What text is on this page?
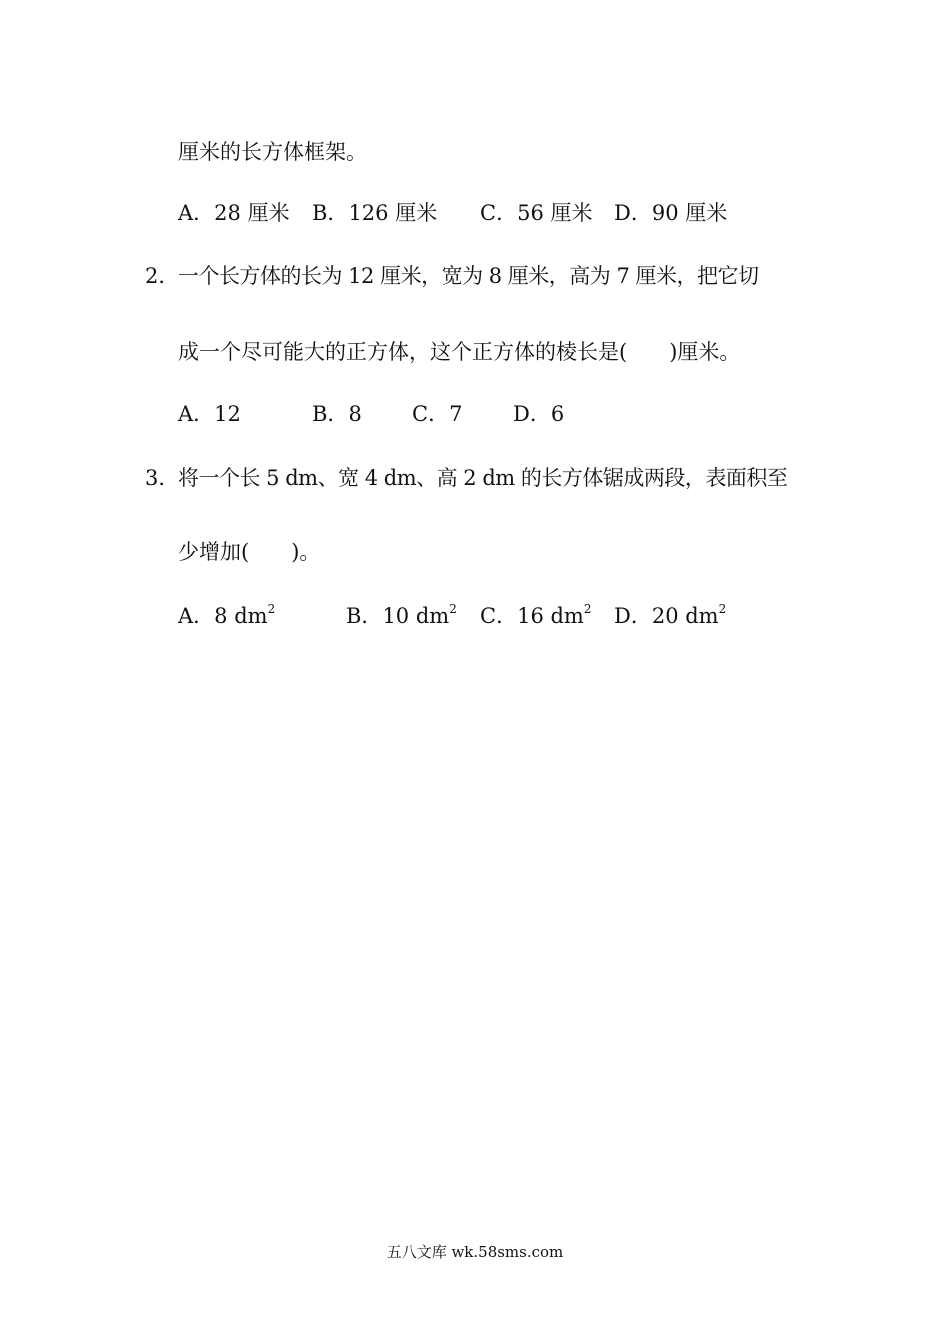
厘米的长方体框架。
A．28 厘米 B．126 厘米 C．56 厘米 D．90 厘米
2．
一个长方体的长为 12 厘米，宽为 8 厘米，高为 7 厘米，把它切
成一个尽可能大的正方体，这个正方体的棱长是(　　)厘米。
A．12	B．8 C．7 D．6
3．
将一个长 5 dm、宽 4 dm、高 2 dm 的长方体锯成两段，表面积至
少增加(　　)。
A．8 $dm^2$	B．10 $dm^2$ C．16 $dm^2$ D．20 $dm^2$
五八文库 wk.58sms.com
